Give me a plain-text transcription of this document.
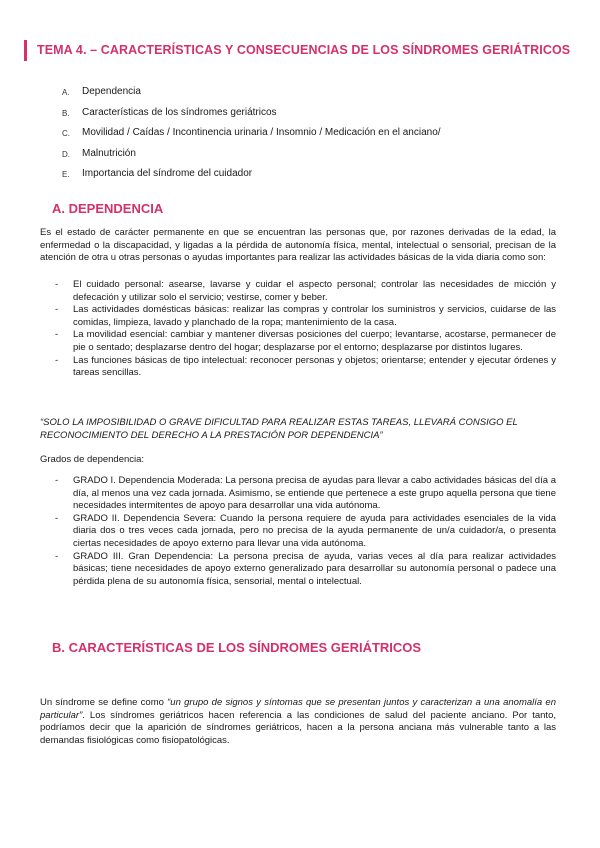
TEMA 4. – CARACTERÍSTICAS Y CONSECUENCIAS DE LOS SÍNDROMES GERIÁTRICOS
A.	Dependencia
B.	Características de los síndromes geriátricos
C.	Movilidad / Caídas / Incontinencia urinaria / Insomnio / Medicación en el anciano/
D.	Malnutrición
E.	Importancia del síndrome del cuidador
A. DEPENDENCIA

Es el estado de carácter permanente en que se encuentran las personas que, por razones derivadas de la edad, la enfermedad o la discapacidad, y ligadas a la pérdida de autonomía física, mental, intelectual o sensorial, precisan de la atención de otra u otras personas o ayudas importantes para realizar las actividades básicas de la vida diaria como son:

- El cuidado personal: asearse, lavarse y cuidar el aspecto personal; controlar las necesidades de micción y defecación y utilizar solo el servicio; vestirse, comer y beber.
- Las actividades domésticas básicas: realizar las compras y controlar los suministros y servicios, cuidarse de las comidas, limpieza, lavado y planchado de la ropa; mantenimiento de la casa.
- La movilidad esencial: cambiar y mantener diversas posiciones del cuerpo; levantarse, acostarse, permanecer de pie o sentado; desplazarse dentro del hogar; desplazarse por el entorno; desplazarse por distintos lugares.
- Las funciones básicas de tipo intelectual: reconocer personas y objetos; orientarse; entender y ejecutar órdenes y tareas sencillas.

“SOLO LA IMPOSIBILIDAD O GRAVE DIFICULTAD PARA REALIZAR ESTAS TAREAS, LLEVARÁ CONSIGO EL RECONOCIMIENTO DEL DERECHO A LA PRESTACIÓN POR DEPENDENCIA”

Grados de dependencia:

- GRADO I. Dependencia Moderada: La persona precisa de ayudas para llevar a cabo actividades básicas del día a día, al menos una vez cada jornada. Asimismo, se entiende que pertenece a este grupo aquella persona que tiene necesidades intermitentes de apoyo para desarrollar una vida autónoma.
- GRADO II. Dependencia Severa: Cuando la persona requiere de ayuda para actividades esenciales de la vida diaria dos o tres veces cada jornada, pero no precisa de la ayuda permanente de un/a cuidador/a, o presenta ciertas necesidades de apoyo externo para llevar una vida autónoma.
- GRADO III. Gran Dependencia: La persona precisa de ayuda, varias veces al día para realizar actividades básicas; tiene necesidades de apoyo externo generalizado para desarrollar su autonomía personal o padece una pérdida plena de su autonomía física, sensorial, mental o intelectual.
B. CARACTERÍSTICAS DE LOS SÍNDROMES GERIÁTRICOS

Un síndrome se define como “un grupo de signos y síntomas que se presentan juntos y caracterizan a una anomalía en particular”. Los síndromes geriátricos hacen referencia a las condiciones de salud del paciente anciano. Por tanto, podríamos decir que la aparición de síndromes geriátricos, hacen a la persona anciana más vulnerable tanto a las demandas fisiológicas como fisiopatológicas.
